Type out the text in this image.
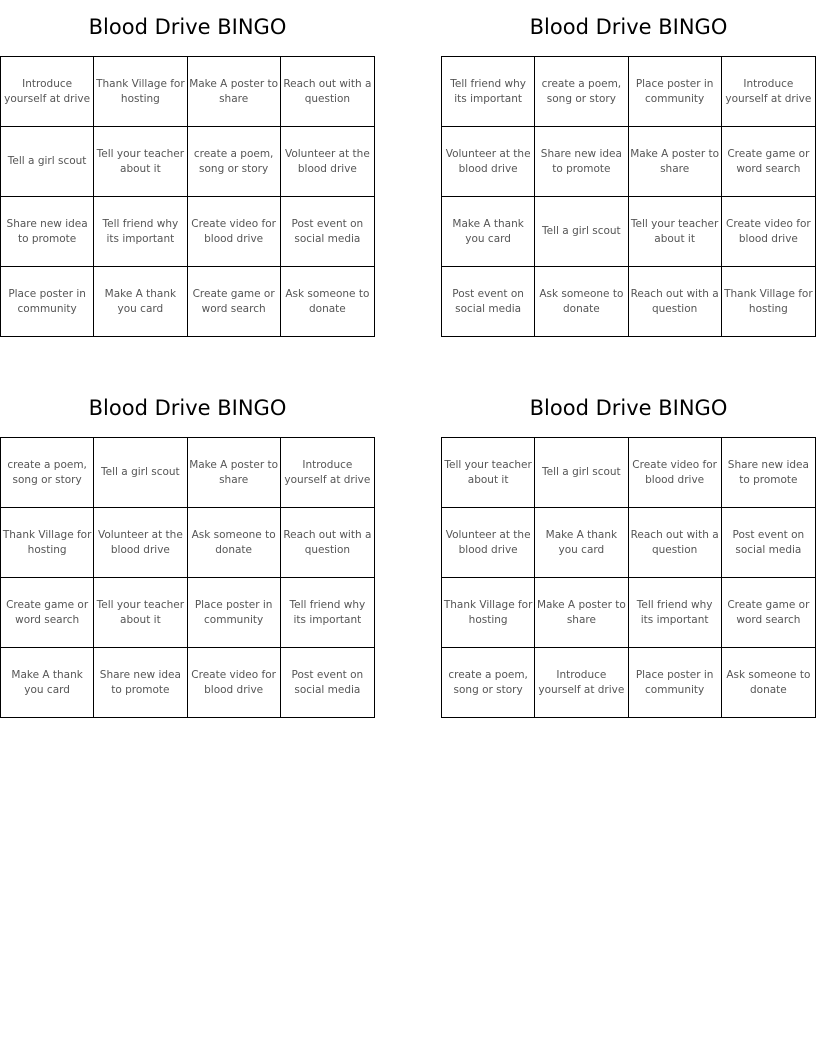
Blood Drive BINGO
Introduce yourself at drive
Thank Village for hosting
Make A poster to share
Reach out with a question
Tell a girl scout
Tell your teacher about it
create a poem, song or story
Volunteer at the blood drive
Share new idea to promote
Tell friend why its important
Create video for blood drive
Post event on social media
Place poster in community
Make A thank you card
Create game or word search
Ask someone to donate
Blood Drive BINGO
Tell friend why its important
create a poem, song or story
Place poster in community
Introduce yourself at drive
Volunteer at the blood drive
Share new idea to promote
Make A poster to share
Create game or word search
Make A thank you card
Tell a girl scout
Tell your teacher about it
Create video for blood drive
Post event on social media
Ask someone to donate
Reach out with a question
Thank Village for hosting
Blood Drive BINGO
create a poem, song or story
Tell a girl scout
Make A poster to share
Introduce yourself at drive
Thank Village for hosting
Volunteer at the blood drive
Ask someone to donate
Reach out with a question
Create game or word search
Tell your teacher about it
Place poster in community
Tell friend why its important
Make A thank you card
Share new idea to promote
Create video for blood drive
Post event on social media
Blood Drive BINGO
Tell your teacher about it
Tell a girl scout
Create video for blood drive
Share new idea to promote
Volunteer at the blood drive
Make A thank you card
Reach out with a question
Post event on social media
Thank Village for hosting
Make A poster to share
Tell friend why its important
Create game or word search
create a poem, song or story
Introduce yourself at drive
Place poster in community
Ask someone to donate
